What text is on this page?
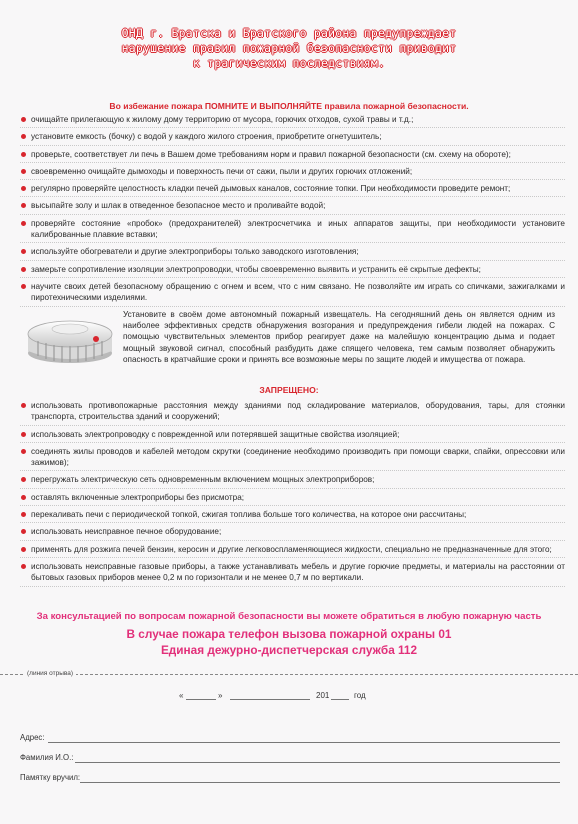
ОНД г. Братска и Братского района предупреждает
нарушение правил пожарной безопасности приводит
к трагическим последствиям.
Во избежание пожара ПОМНИТЕ И ВЫПОЛНЯЙТЕ правила пожарной безопасности.
очищайте прилегающую к жилому дому территорию от мусора, горючих отходов, сухой травы и т.д.;
установите емкость (бочку) с водой у каждого жилого строения, приобретите огнетушитель;
проверьте, соответствует ли печь в Вашем доме требованиям норм и правил пожарной безопасности (см. схему на обороте);
своевременно очищайте дымоходы и поверхность печи от сажи, пыли и других горючих отложений;
регулярно проверяйте целостность кладки печей дымовых каналов, состояние топки. При необходимости проведите ремонт;
высыпайте золу и шлак в отведенное безопасное место и проливайте водой;
проверяйте состояние «пробок» (предохранителей) электросчетчика и иных аппаратов защиты, при необходимости установите калиброванные плавкие вставки;
используйте обогреватели и другие электроприборы только заводского изготовления;
замерьте сопротивление изоляции электропроводки, чтобы своевременно выявить и устранить её скрытые дефекты;
научите своих детей безопасному обращению с огнем и всем, что с ним связано. Не позволяйте им играть со спичками, зажигалками и пиротехническими изделиями.
Установите в своём доме автономный пожарный извещатель. На сегодняшний день он является одним из наиболее эффективных средств обнаружения возгорания и предупреждения гибели людей на пожарах. С помощью чувствительных элементов прибор реагирует даже на малейшую концентрацию дыма и подает мощный звуковой сигнал, способный разбудить даже спящего человека, тем самым позволяет обнаружить опасность в кратчайшие сроки и принять все возможные меры по защите людей и имущества от пожара.
ЗАПРЕЩЕНО:
использовать противопожарные расстояния между зданиями под складирование материалов, оборудования, тары, для стоянки транспорта, строительства зданий и сооружений;
использовать электропроводку с поврежденной или потерявшей защитные свойства изоляцией;
соединять жилы проводов и кабелей методом скрутки (соединение необходимо производить при помощи сварки, спайки, опрессовки или зажимов);
перегружать электрическую сеть одновременным включением мощных электроприборов;
оставлять включенные электроприборы без присмотра;
перекаливать печи с периодической топкой, сжигая топлива больше того количества, на которое они рассчитаны;
использовать неисправное печное оборудование;
применять для розжига печей бензин, керосин и другие легковоспламеняющиеся жидкости, специально не предназначенные для этого;
использовать неисправные газовые приборы, а также устанавливать мебель и другие горючие предметы, и материалы на расстоянии от бытовых газовых приборов менее 0,2 м по горизонтали и не менее 0,7 м по вертикали.
За консультацией по вопросам пожарной безопасности вы можете обратиться в любую пожарную часть
В случае пожара телефон вызова пожарной охраны 01
Единая дежурно-диспетчерская служба 112
(линия отрыва)
«	»	201	год
Адрес:
Фамилия И.О.:
Памятку вручил:
